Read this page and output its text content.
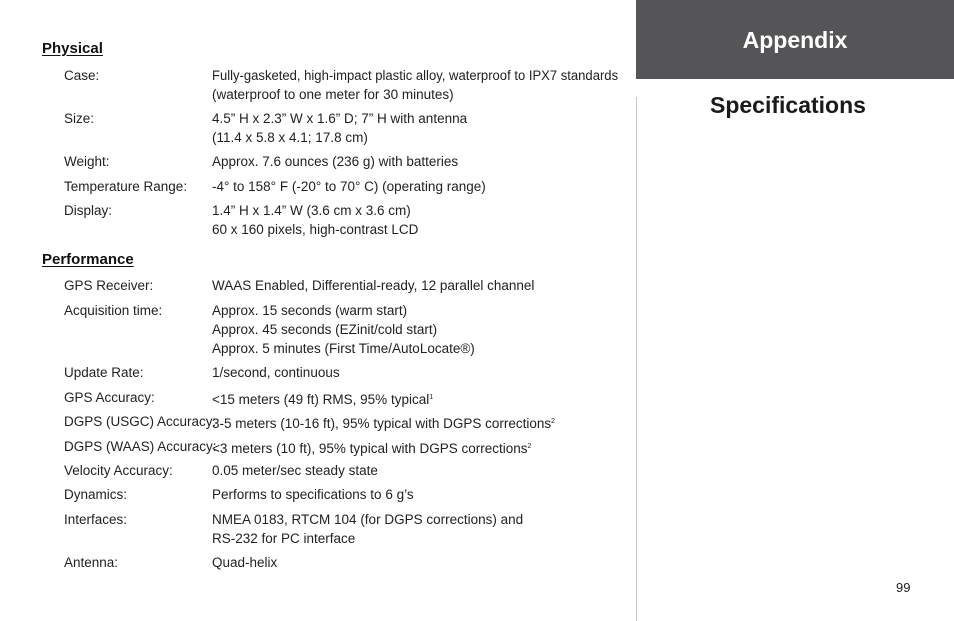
Physical
Case:	Fully-gasketed, high-impact plastic alloy, waterproof to IPX7 standards
(waterproof to one meter for 30 minutes)
Size:	4.5” H x 2.3” W x 1.6” D; 7” H with antenna
(11.4 x 5.8 x 4.1; 17.8 cm)
Weight:	Approx. 7.6 ounces (236 g) with batteries
Temperature Range: -4° to 158° F (-20° to 70° C) (operating range)
Display:	1.4” H x 1.4” W (3.6 cm x 3.6 cm)
60 x 160 pixels, high-contrast LCD
Performance
GPS Receiver:	WAAS Enabled, Differential-ready, 12 parallel channel
Acquisition time:	Approx. 15 seconds (warm start)
Approx. 45 seconds (EZinit/cold start)
Approx. 5 minutes (First Time/AutoLocate®)
Update Rate:	1/second, continuous
GPS Accuracy:	<15 meters (49 ft) RMS, 95% typical$^1$
DGPS (USGC) Accuracy:
3-5 meters (10-16 ft), 95% typical with DGPS corrections$^2$
DGPS (WAAS) Accuracy:
<3 meters (10 ft), 95% typical with DGPS corrections$^2$
Velocity Accuracy:	0.05 meter/sec steady state
Dynamics:	Performs to specifications to 6 g’s
Interfaces:	NMEA 0183, RTCM 104 (for DGPS corrections) and
RS-232 for PC interface
Antenna:	Quad-helix
Appendix
Specifications
99
